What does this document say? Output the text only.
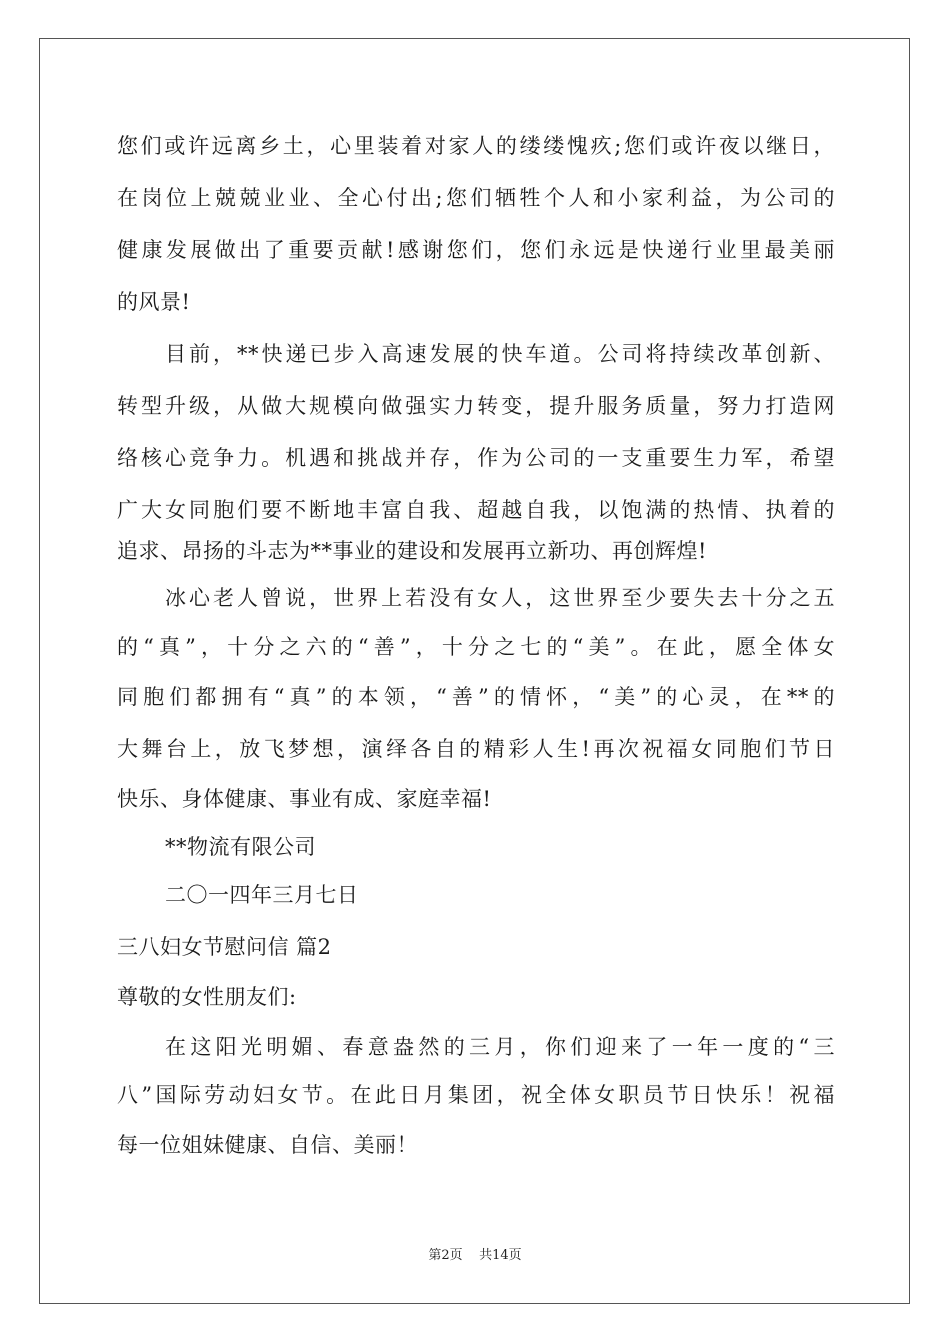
您们或许远离乡土，心里装着对家人的缕缕愧疚;您们或许夜以继日，
在岗位上兢兢业业、全心付出;您们牺牲个人和小家利益，为公司的
健康发展做出了重要贡献!感谢您们，您们永远是快递行业里最美丽
的风景!
目前，**快递已步入高速发展的快车道。公司将持续改革创新、
转型升级，从做大规模向做强实力转变，提升服务质量，努力打造网
络核心竞争力。机遇和挑战并存，作为公司的一支重要生力军，希望
广大女同胞们要不断地丰富自我、超越自我，以饱满的热情、执着的
追求、昂扬的斗志为**事业的建设和发展再立新功、再创辉煌!
冰心老人曾说，世界上若没有女人，这世界至少要失去十分之五
的“真”，十分之六的“善”，十分之七的“美”。在此，愿全体女
同胞们都拥有“真”的本领，“善”的情怀，“美”的心灵，在**的
大舞台上，放飞梦想，演绎各自的精彩人生!再次祝福女同胞们节日
快乐、身体健康、事业有成、家庭幸福!
**物流有限公司
二〇一四年三月七日
三八妇女节慰问信 篇2
尊敬的女性朋友们:
在这阳光明媚、春意盎然的三月，你们迎来了一年一度的“三
八”国际劳动妇女节。在此日月集团，祝全体女职员节日快乐！祝福
每一位姐妹健康、自信、美丽！
第2页    共14页
